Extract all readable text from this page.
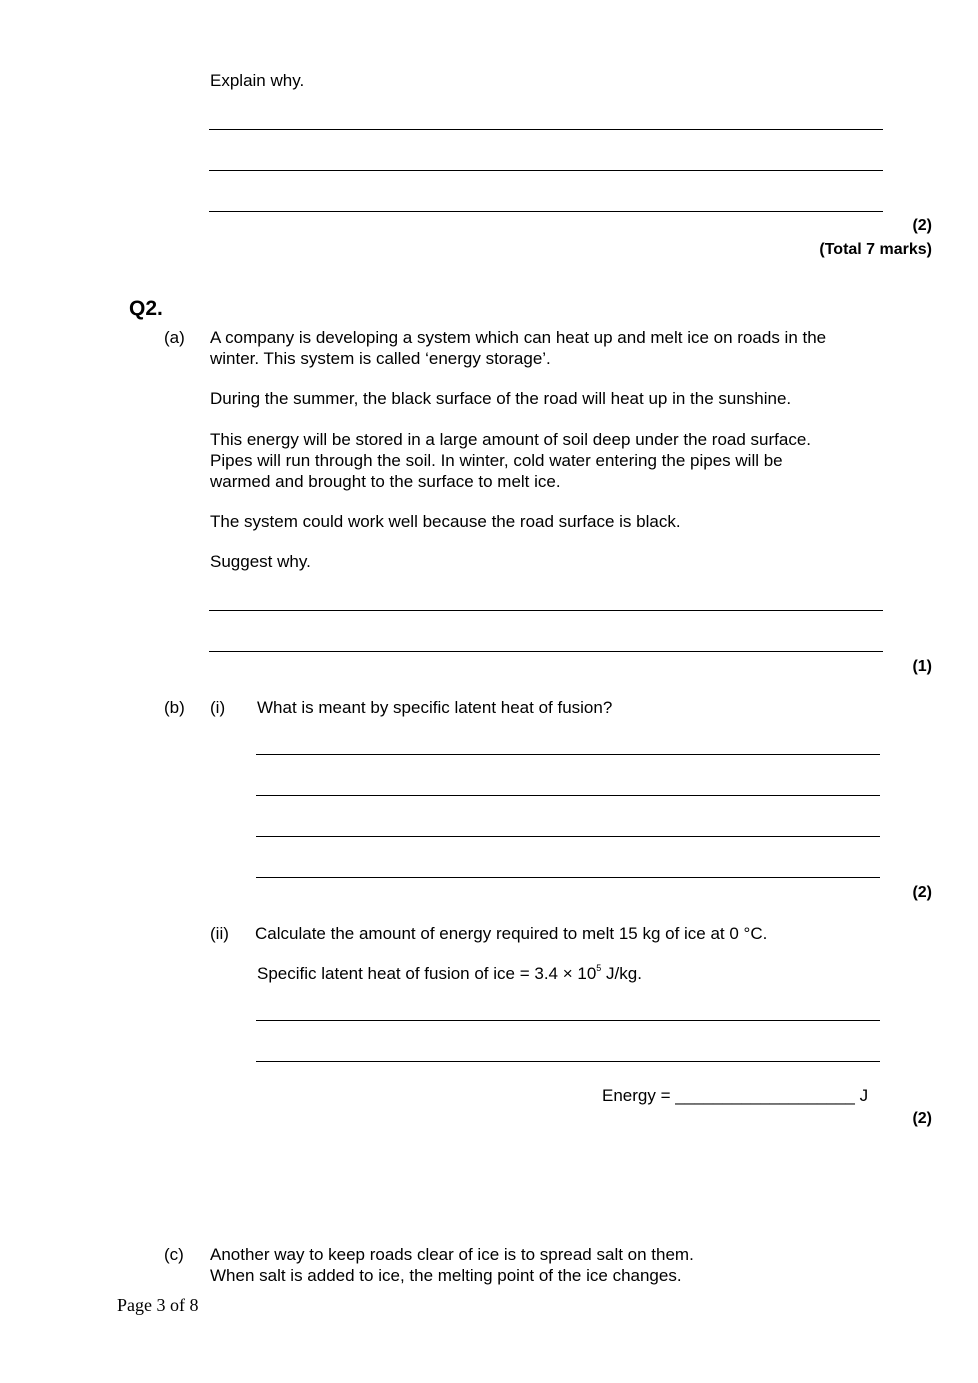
Explain why.
(2)
(Total 7 marks)
Q2.
(a) A company is developing a system which can heat up and melt ice on roads in the
winter. This system is called ‘energy storage’.
During the summer, the black surface of the road will heat up in the sunshine.
This energy will be stored in a large amount of soil deep under the road surface.
Pipes will run through the soil. In winter, cold water entering the pipes will be
warmed and brought to the surface to melt ice.
The system could work well because the road surface is black.
Suggest why.
(1)
(b) (i) What is meant by specific latent heat of fusion?
(2)
(ii) Calculate the amount of energy required to melt 15 kg of ice at 0 °C.
Specific latent heat of fusion of ice = $3.4 \times 10^5$ J/kg.
Energy = ___________________ J
(2)
(c) Another way to keep roads clear of ice is to spread salt on them.
When salt is added to ice, the melting point of the ice changes.
Page 3 of 8
